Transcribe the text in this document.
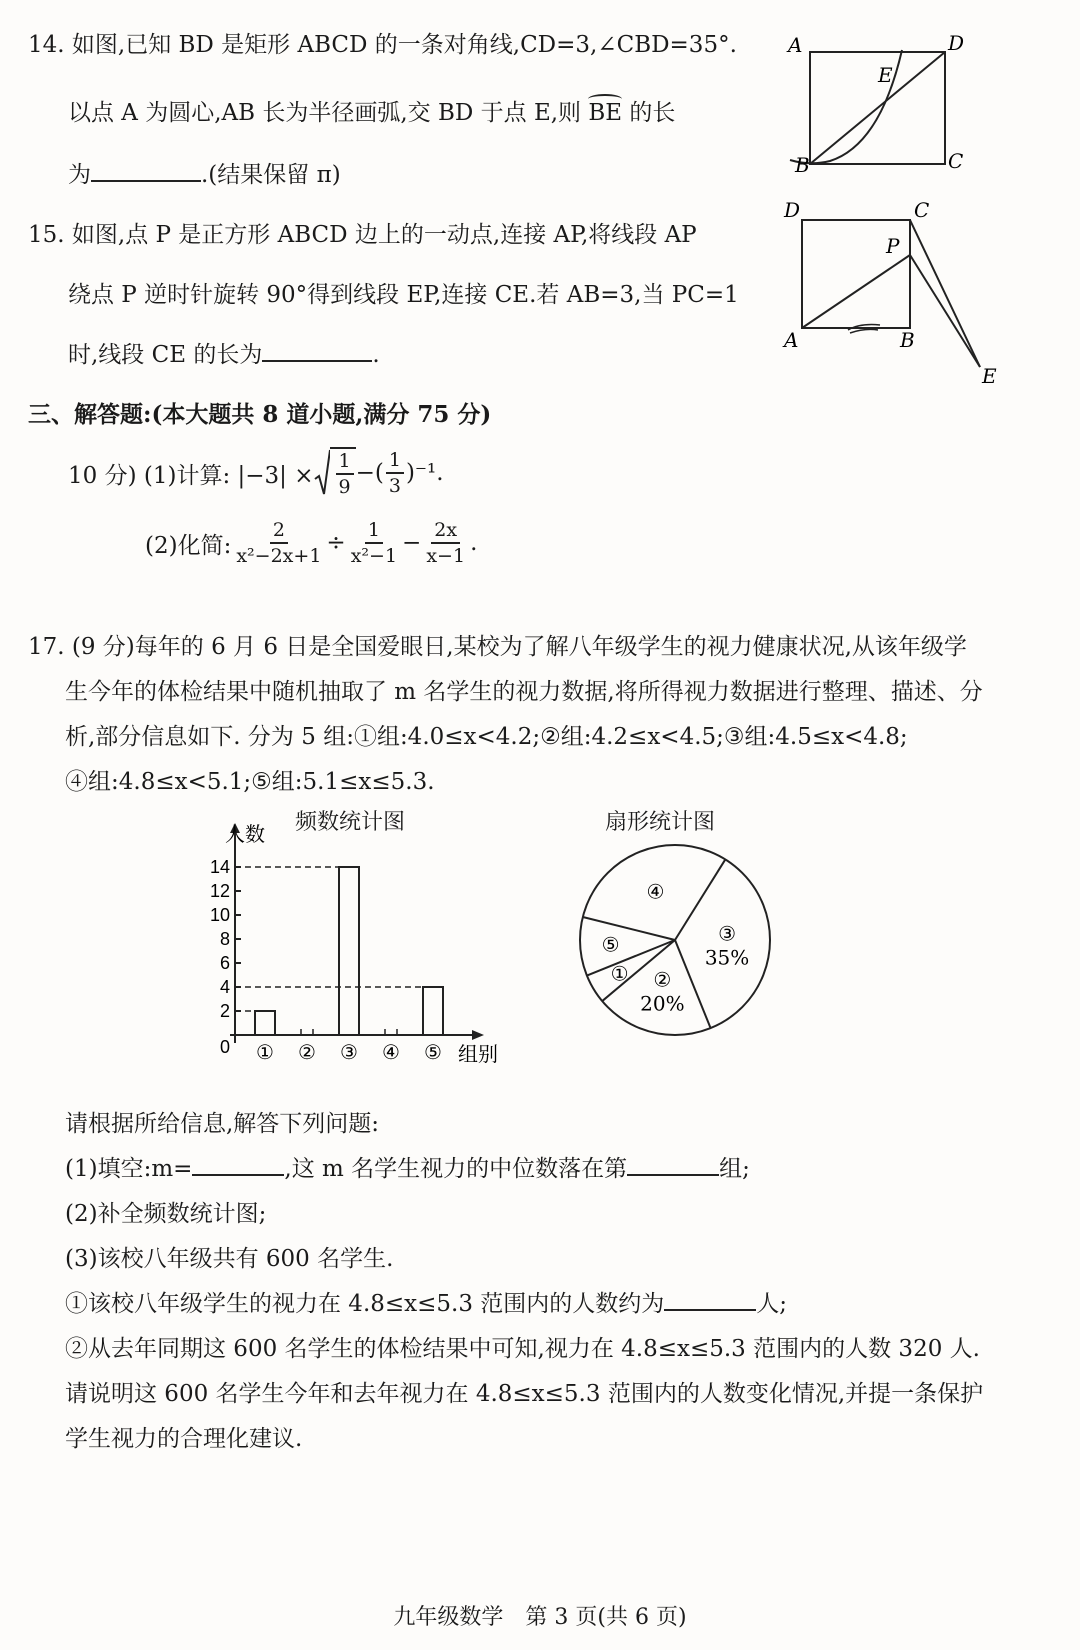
14. 如图,已知 BD 是矩形 ABCD 的一条对角线,CD=3,∠CBD=35°.
以点 A 为圆心,AB 长为半径画弧,交 BD 于点 E,则 BE 的长
为	.(结果保留 π)
A	D
E
B	C
15. 如图,点 P 是正方形 ABCD 边上的一动点,连接 AP,将线段 AP
绕点 P 逆时针旋转 90°得到线段 EP,连接 CE.若 AB=3,当 PC=1
时,线段 CE 的长为	.
D	C
P
A	B
E
三、解答题:(本大题共 8 道小题,满分 75 分)
10 分) (1)计算: $|-3| \times \frac{1}{9}$ −( $\frac{1}{3} )^{-1}$.
(2)化简: $\frac{2}{\text{x²−2x+1}} \div \frac{1}{\text{x²−1}} - \frac{2x}{x-1}$ .
17. (9 分)每年的 6 月 6 日是全国爱眼日,某校为了解八年级学生的视力健康状况,从该年级学
生今年的体检结果中随机抽取了 m 名学生的视力数据,将所得视力数据进行整理、描述、分
析,部分信息如下. 分为 5 组:①组:4.0≤x<4.2;②组:4.2≤x<4.5;③组:4.5≤x<4.8;
④组:4.8≤x<5.1;⑤组:5.1≤x≤5.3.
频数统计图
人数
组别
0
2
4
6
8
10
12
14
① ② ③ ④ ⑤
扇形统计图
③
35%
②
20%
①
⑤
④
请根据所给信息,解答下列问题:
(1)填空:m=	,这 m 名学生视力的中位数落在第	组;
(2)补全频数统计图;
(3)该校八年级共有 600 名学生.
①该校八年级学生的视力在 4.8≤x≤5.3 范围内的人数约为	人;
②从去年同期这 600 名学生的体检结果中可知,视力在 4.8≤x≤5.3 范围内的人数 320 人.
请说明这 600 名学生今年和去年视力在 4.8≤x≤5.3 范围内的人数变化情况,并提一条保护
学生视力的合理化建议.
九年级数学　第 3 页(共 6 页)
